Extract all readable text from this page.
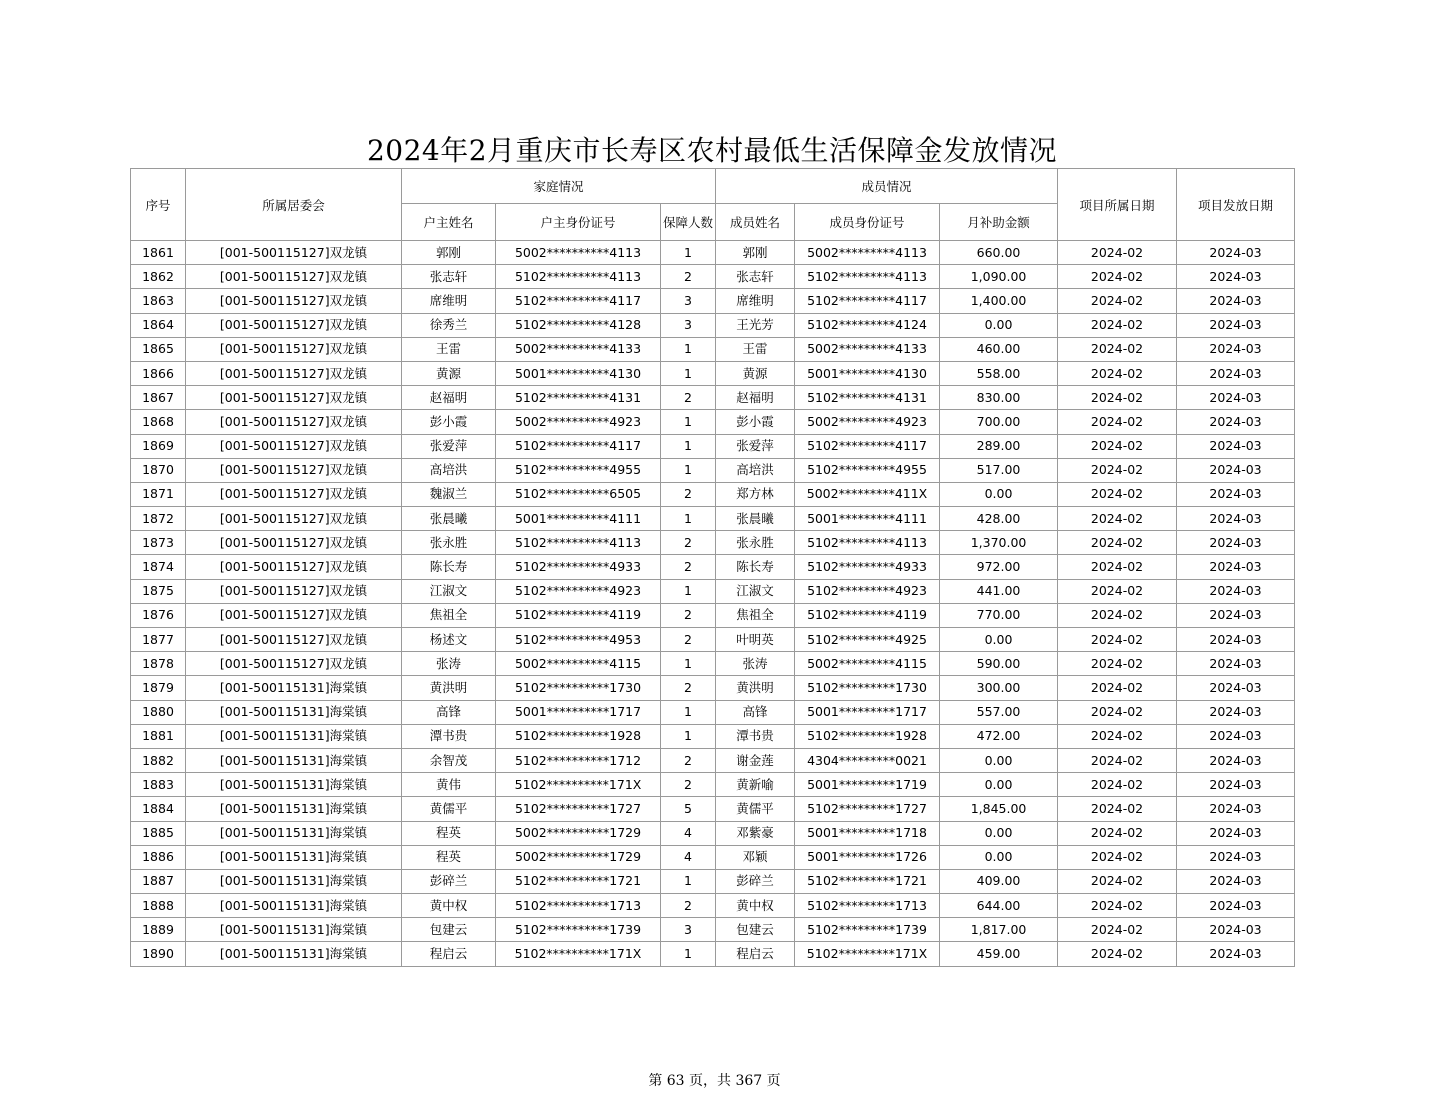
2024年2月重庆市长寿区农村最低生活保障金发放情况
序号	所属居委会	家庭情况			成员情况			项目所属日期	项目发放日期
		户主姓名	户主身份证号	保障人数	成员姓名	成员身份证号	月补助金额		
1861	[001-500115127]双龙镇	郭刚	5002**********4113	1	郭刚	5002*********4113	660.00	2024-02	2024-03
1862	[001-500115127]双龙镇	张志轩	5102**********4113	2	张志轩	5102*********4113	1,090.00	2024-02	2024-03
1863	[001-500115127]双龙镇	席维明	5102**********4117	3	席维明	5102*********4117	1,400.00	2024-02	2024-03
1864	[001-500115127]双龙镇	徐秀兰	5102**********4128	3	王光芳	5102*********4124	0.00	2024-02	2024-03
1865	[001-500115127]双龙镇	王雷	5002**********4133	1	王雷	5002*********4133	460.00	2024-02	2024-03
1866	[001-500115127]双龙镇	黄源	5001**********4130	1	黄源	5001*********4130	558.00	2024-02	2024-03
1867	[001-500115127]双龙镇	赵福明	5102**********4131	2	赵福明	5102*********4131	830.00	2024-02	2024-03
1868	[001-500115127]双龙镇	彭小霞	5002**********4923	1	彭小霞	5002*********4923	700.00	2024-02	2024-03
1869	[001-500115127]双龙镇	张爱萍	5102**********4117	1	张爱萍	5102*********4117	289.00	2024-02	2024-03
1870	[001-500115127]双龙镇	高培洪	5102**********4955	1	高培洪	5102*********4955	517.00	2024-02	2024-03
1871	[001-500115127]双龙镇	魏淑兰	5102**********6505	2	郑方林	5002*********411X	0.00	2024-02	2024-03
1872	[001-500115127]双龙镇	张晨曦	5001**********4111	1	张晨曦	5001*********4111	428.00	2024-02	2024-03
1873	[001-500115127]双龙镇	张永胜	5102**********4113	2	张永胜	5102*********4113	1,370.00	2024-02	2024-03
1874	[001-500115127]双龙镇	陈长寿	5102**********4933	2	陈长寿	5102*********4933	972.00	2024-02	2024-03
1875	[001-500115127]双龙镇	江淑文	5102**********4923	1	江淑文	5102*********4923	441.00	2024-02	2024-03
1876	[001-500115127]双龙镇	焦祖全	5102**********4119	2	焦祖全	5102*********4119	770.00	2024-02	2024-03
1877	[001-500115127]双龙镇	杨述文	5102**********4953	2	叶明英	5102*********4925	0.00	2024-02	2024-03
1878	[001-500115127]双龙镇	张涛	5002**********4115	1	张涛	5002*********4115	590.00	2024-02	2024-03
1879	[001-500115131]海棠镇	黄洪明	5102**********1730	2	黄洪明	5102*********1730	300.00	2024-02	2024-03
1880	[001-500115131]海棠镇	高锋	5001**********1717	1	高锋	5001*********1717	557.00	2024-02	2024-03
1881	[001-500115131]海棠镇	潭书贵	5102**********1928	1	潭书贵	5102*********1928	472.00	2024-02	2024-03
1882	[001-500115131]海棠镇	余智茂	5102**********1712	2	谢金莲	4304*********0021	0.00	2024-02	2024-03
1883	[001-500115131]海棠镇	黄伟	5102**********171X	2	黄新喻	5001*********1719	0.00	2024-02	2024-03
1884	[001-500115131]海棠镇	黄儒平	5102**********1727	5	黄儒平	5102*********1727	1,845.00	2024-02	2024-03
1885	[001-500115131]海棠镇	程英	5002**********1729	4	邓紫豪	5001*********1718	0.00	2024-02	2024-03
1886	[001-500115131]海棠镇	程英	5002**********1729	4	邓颖	5001*********1726	0.00	2024-02	2024-03
1887	[001-500115131]海棠镇	彭碎兰	5102**********1721	1	彭碎兰	5102*********1721	409.00	2024-02	2024-03
1888	[001-500115131]海棠镇	黄中权	5102**********1713	2	黄中权	5102*********1713	644.00	2024-02	2024-03
1889	[001-500115131]海棠镇	包建云	5102**********1739	3	包建云	5102*********1739	1,817.00	2024-02	2024-03
1890	[001-500115131]海棠镇	程启云	5102**********171X	1	程启云	5102*********171X	459.00	2024-02	2024-03
第 63 页，共 367 页
